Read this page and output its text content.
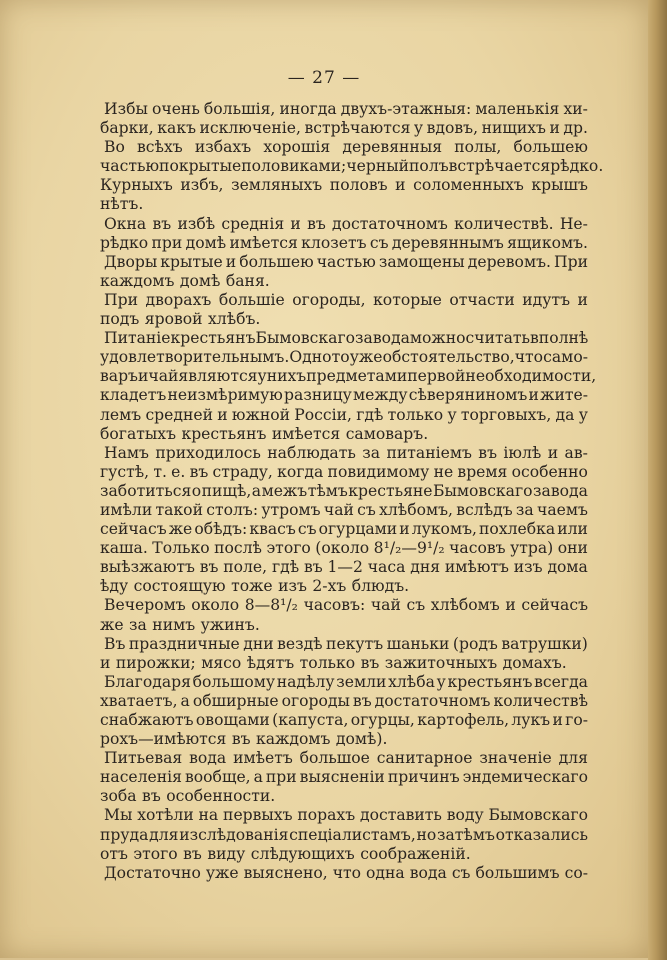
— 27 —
Избы очень большія, иногда двухъ-этажныя: маленькія хи-
барки, какъ исключеніе, встрѣчаются у вдовъ, нищихъ и др.
Во всѣхъ избахъ хорошія деревянныя полы, большею
частью покрытые половиками; черный полъ встрѣчается рѣдко.
Курныхъ избъ, земляныхъ половъ и соломенныхъ крышъ
нѣтъ.
Окна въ избѣ среднія и въ достаточномъ количествѣ. Не-
рѣдко при домѣ имѣется клозетъ съ деревяннымъ ящикомъ.
Дворы крытые и большею частью замощены деревомъ. При
каждомъ домѣ баня.
При дворахъ большіе огороды, которые отчасти идутъ и
подъ яровой хлѣбъ.
Питаніе крестьянъ Бымовскаго завода можно считать вполнѣ
удовлетворительнымъ. Одно то уже обстоятельство, что само-
варъ и чай являются у нихъ предметами первой необходимости,
кладетъ неизмѣримую разницу между сѣверяниномъ и жите-
лемъ средней и южной Россіи, гдѣ только у торговыхъ, да у
богатыхъ крестьянъ имѣется самоваръ.
Намъ приходилось наблюдать за питаніемъ въ іюлѣ и ав-
густѣ, т. е. въ страду, когда повидимому не время особенно
заботиться о пищѣ, а межъ тѣмъ крестьяне Бымовскаго завода
имѣли такой столъ: утромъ чай съ хлѣбомъ, вслѣдъ за чаемъ
сейчасъ же обѣдъ: квасъ съ огурцами и лукомъ, похлебка или
каша. Только послѣ этого (около 8¹/₂—9¹/₂ часовъ утра) они
выѣзжаютъ въ поле, гдѣ въ 1—2 часа дня имѣютъ изъ дома
ѣду состоящую тоже изъ 2-хъ блюдъ.
Вечеромъ около 8—8¹/₂ часовъ: чай съ хлѣбомъ и сейчасъ
же за нимъ ужинъ.
Въ праздничные дни вездѣ пекутъ шаньки (родъ ватрушки)
и пирожки; мясо ѣдятъ только въ зажиточныхъ домахъ.
Благодаря большому надѣлу земли хлѣба у крестьянъ всегда
хватаетъ, а обширные огороды въ достаточномъ количествѣ
снабжаютъ овощами (капуста, огурцы, картофель, лукъ и го-
рохъ—имѣются въ каждомъ домѣ).
Питьевая вода имѣетъ большое санитарное значеніе для
населенія вообще, а при выясненіи причинъ эндемическаго
зоба въ особенности.
Мы хотѣли на первыхъ порахъ доставить воду Бымовскаго
пруда для изслѣдованія спеціалистамъ, но затѣмъ отказались
отъ этого въ виду слѣдующихъ соображеній.
Достаточно уже выяснено, что одна вода съ большимъ со-
